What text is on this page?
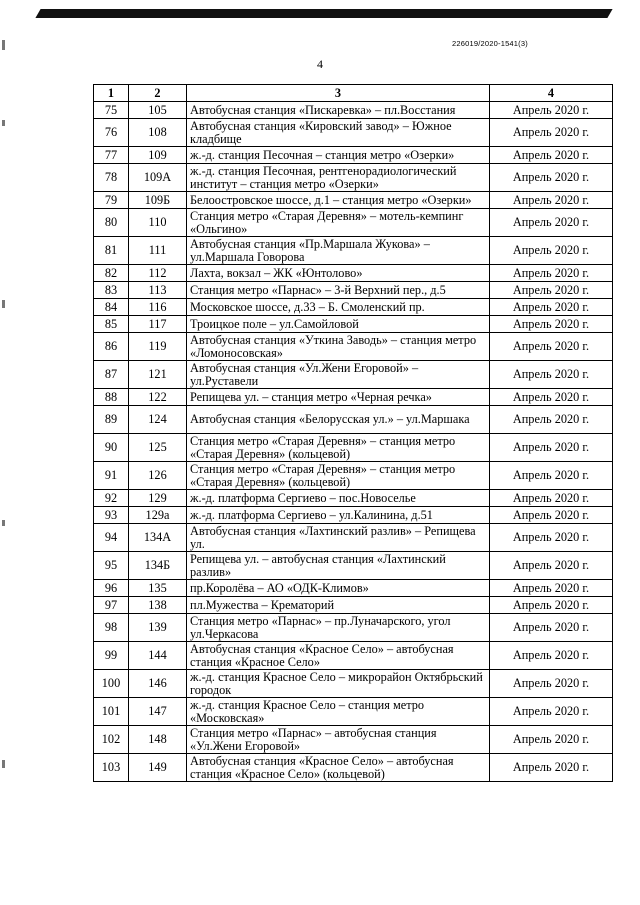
226019/2020-1541(3)
4
1	2	3	4
75	105	Автобусная станция «Пискаревка» – пл.Восстания	Апрель 2020 г.
76	108	Автобусная станция «Кировский завод» – Южное кладбище	Апрель 2020 г.
77	109	ж.-д. станция Песочная – станция метро «Озерки»	Апрель 2020 г.
78	109А	ж.-д. станция Песочная, рентгенорадиологический институт – станция метро «Озерки»	Апрель 2020 г.
79	109Б	Белоостровское шоссе, д.1 – станция метро «Озерки»	Апрель 2020 г.
80	110	Станция метро «Старая Деревня» – мотель-кемпинг «Ольгино»	Апрель 2020 г.
81	111	Автобусная станция «Пр.Маршала Жукова» – ул.Маршала Говорова	Апрель 2020 г.
82	112	Лахта, вокзал – ЖК «Юнтолово»	Апрель 2020 г.
83	113	Станция метро «Парнас» – 3-й Верхний пер., д.5	Апрель 2020 г.
84	116	Московское шоссе, д.33 – Б. Смоленский пр.	Апрель 2020 г.
85	117	Троицкое поле – ул.Самойловой	Апрель 2020 г.
86	119	Автобусная станция «Уткина Заводь» – станция метро «Ломоносовская»	Апрель 2020 г.
87	121	Автобусная станция «Ул.Жени Егоровой» – ул.Руставели	Апрель 2020 г.
88	122	Репищева ул. – станция метро «Черная речка»	Апрель 2020 г.
89	124	Автобусная станция «Белорусская ул.» – ул.Маршака	Апрель 2020 г.
90	125	Станция метро «Старая Деревня» – станция метро «Старая Деревня» (кольцевой)	Апрель 2020 г.
91	126	Станция метро «Старая Деревня» – станция метро «Старая Деревня» (кольцевой)	Апрель 2020 г.
92	129	ж.-д. платформа Сергиево – пос.Новоселье	Апрель 2020 г.
93	129а	ж.-д. платформа Сергиево – ул.Калинина, д.51	Апрель 2020 г.
94	134А	Автобусная станция «Лахтинский разлив» – Репищева ул.	Апрель 2020 г.
95	134Б	Репищева ул. – автобусная станция «Лахтинский разлив»	Апрель 2020 г.
96	135	пр.Королёва – АО «ОДК-Климов»	Апрель 2020 г.
97	138	пл.Мужества – Крематорий	Апрель 2020 г.
98	139	Станция метро «Парнас» – пр.Луначарского, угол ул.Черкасова	Апрель 2020 г.
99	144	Автобусная станция «Красное Село» – автобусная станция «Красное Село»	Апрель 2020 г.
100	146	ж.-д. станция Красное Село – микрорайон Октябрьский городок	Апрель 2020 г.
101	147	ж.-д. станция Красное Село – станция метро «Московская»	Апрель 2020 г.
102	148	Станция метро «Парнас» – автобусная станция «Ул.Жени Егоровой»	Апрель 2020 г.
103	149	Автобусная станция «Красное Село» – автобусная станция «Красное Село» (кольцевой)	Апрель 2020 г.
